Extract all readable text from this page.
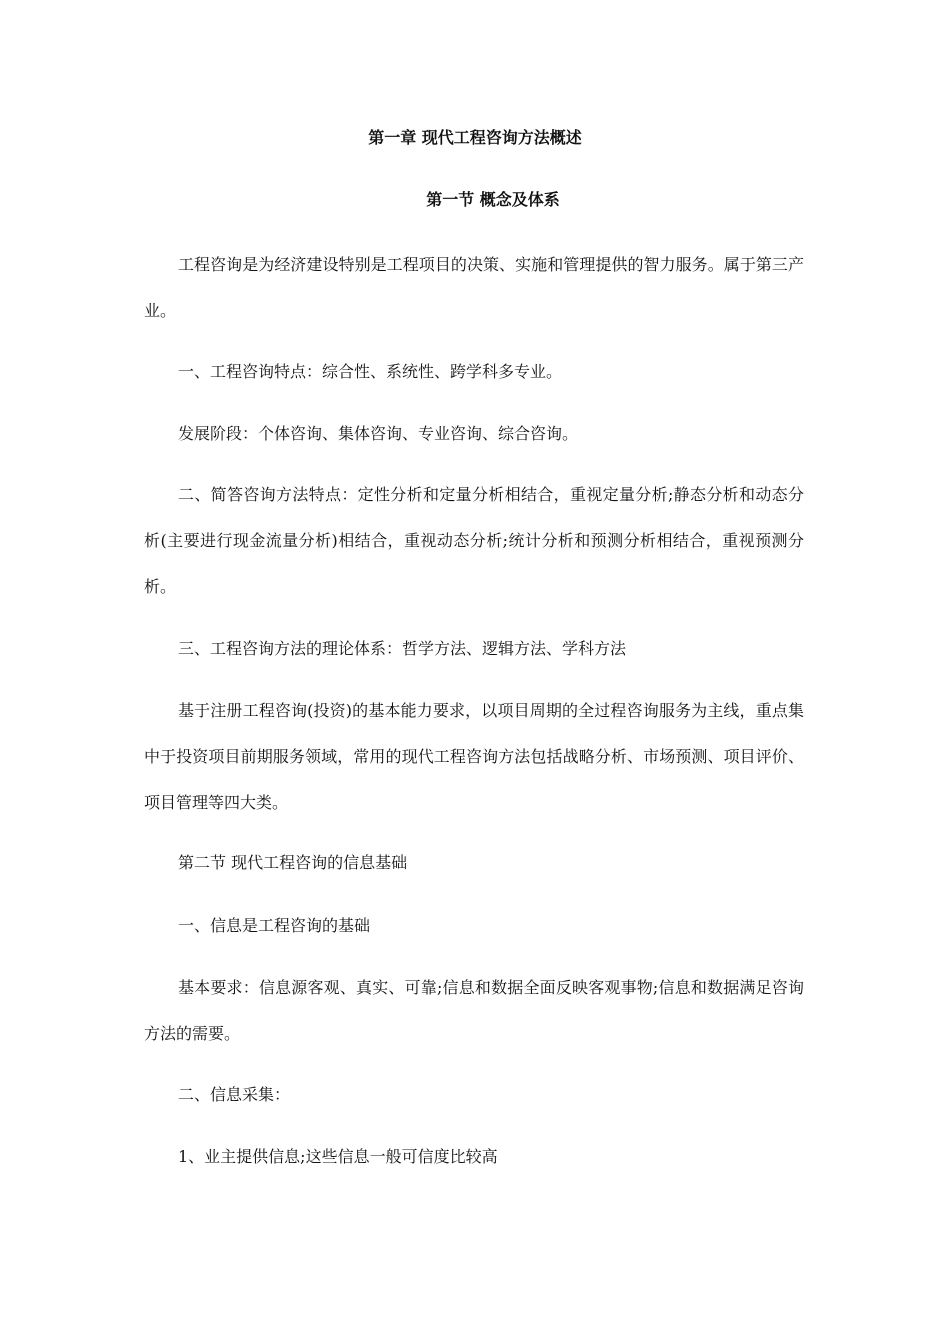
第一章 现代工程咨询方法概述
第一节 概念及体系

工程咨询是为经济建设特别是工程项目的决策、实施和管理提供的智力服务。属于第三产业。

一、工程咨询特点：综合性、系统性、跨学科多专业。

发展阶段：个体咨询、集体咨询、专业咨询、综合咨询。

二、简答咨询方法特点：定性分析和定量分析相结合，重视定量分析;静态分析和动态分析(主要进行现金流量分析)相结合，重视动态分析;统计分析和预测分析相结合，重视预测分析。

三、工程咨询方法的理论体系：哲学方法、逻辑方法、学科方法

基于注册工程咨询(投资)的基本能力要求，以项目周期的全过程咨询服务为主线，重点集中于投资项目前期服务领域，常用的现代工程咨询方法包括战略分析、市场预测、项目评价、项目管理等四大类。

第二节 现代工程咨询的信息基础

一、信息是工程咨询的基础

基本要求：信息源客观、真实、可靠;信息和数据全面反映客观事物;信息和数据满足咨询方法的需要。

二、信息采集：

1、业主提供信息;这些信息一般可信度比较高
